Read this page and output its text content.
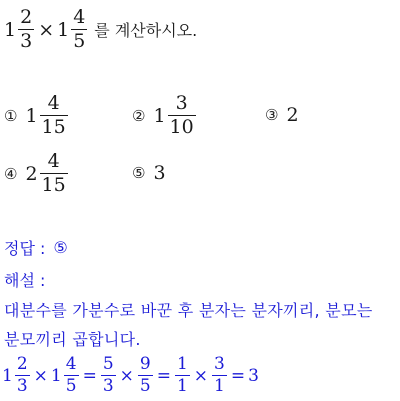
$1 \frac{2}{3} \times 1 \frac{4}{5}$ 를 계산하시오.
① $1 \frac{4}{15}$	② $1 \frac{3}{10}$	③ 2
④ $2 \frac{4}{15}$	⑤ 3
정답 : ⑤
해설 :
대분수를 가분수로 바꾼 후 분자는 분자끼리, 분모는
분모끼리 곱합니다.
$1 \frac{2}{3} \times 1 \frac{4}{5} = \frac{5}{3} \times \frac{9}{5} = \frac{1}{1} \times \frac{3}{1} = 3$
